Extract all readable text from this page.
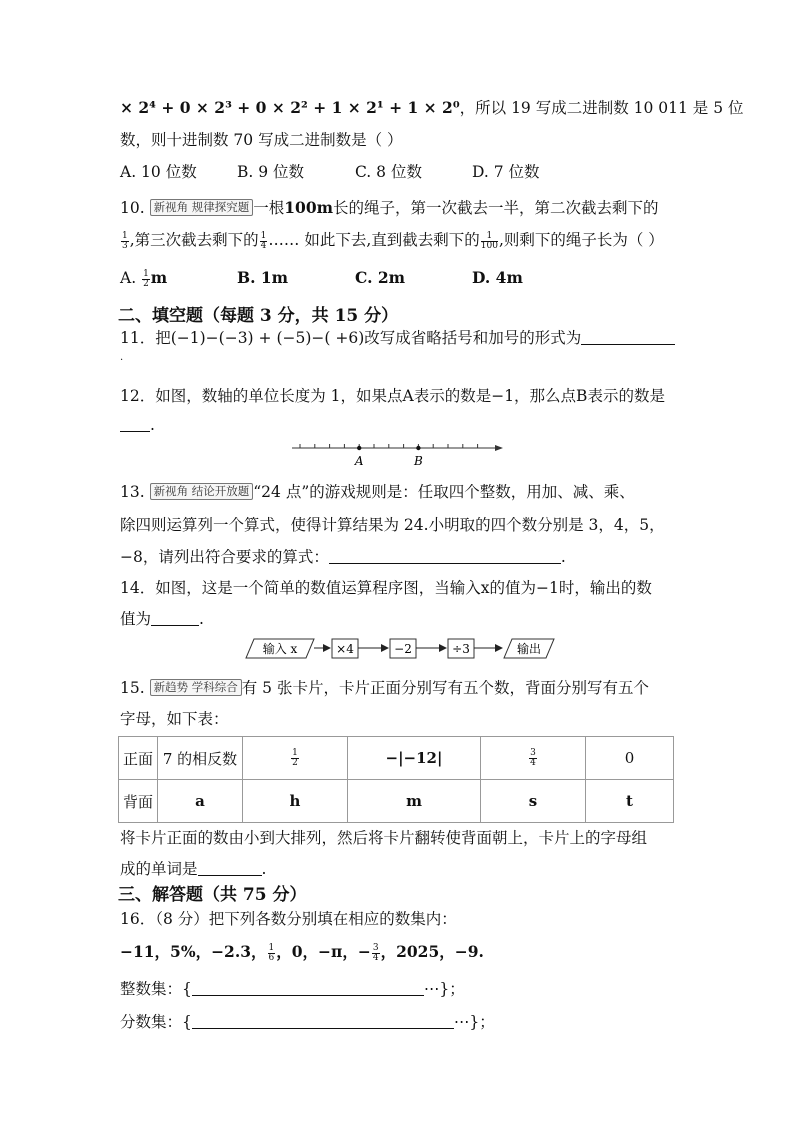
× 2⁴ + 0 × 2³ + 0 × 2² + 1 × 2¹ + 1 × 2⁰，所以 19 写成二进制数 10 011 是 5 位
数，则十进制数 70 写成二进制数是（ ）
A. 10 位数	B. 9 位数	C. 8 位数	D. 7 位数
10. 新视角 规律探究题 一根100m长的绳子，第一次截去一半，第二次截去剩下的
$\frac{1}{3}$ ,第三次截去剩下的 $\frac{1}{4}$ …… 如此下去,直到截去剩下的 $\frac{1}{100}$ ,则剩下的绳子长为（ ）
A. $\frac{1}{2}$ m	B. 1m	C. 2m	D. 4m
二、填空题（每题 3 分，共 15 分）
11．把(−1)−(−3) + (−5)−( +6)改写成省略括号和加号的形式为
.
12．如图，数轴的单位长度为 1，如果点A表示的数是−1，那么点B表示的数是
.
A	B
13. 新视角 结论开放题 “24 点”的游戏规则是：任取四个整数，用加、减、乘、
除四则运算列一个算式，使得计算结果为 24.小明取的四个数分别是 3，4，5，
−8，请列出符合要求的算式：	.
14．如图，这是一个简单的数值运算程序图，当输入x的值为−1时，输出的数
值为	.
输入 x	×4	−2	÷3	输出
15. 新趋势 学科综合 有 5 张卡片，卡片正面分别写有五个数，背面分别写有五个
字母，如下表：
正面	7 的相反数	$\frac{1}{2}$	−|−12|	$\frac{3}{4}$	0
背面	a	h	m	s	t
将卡片正面的数由小到大排列，然后将卡片翻转使背面朝上，卡片上的字母组
成的单词是	.
三、解答题（共 75 分）
16．（8 分）把下列各数分别填在相应的数集内：
−11，5%，−2.3， $\frac{1}{6}$ ，0，−π，− $\frac{3}{4}$ ，2025，−9.
整数集：{	⋯}；
分数集：{	⋯}；
